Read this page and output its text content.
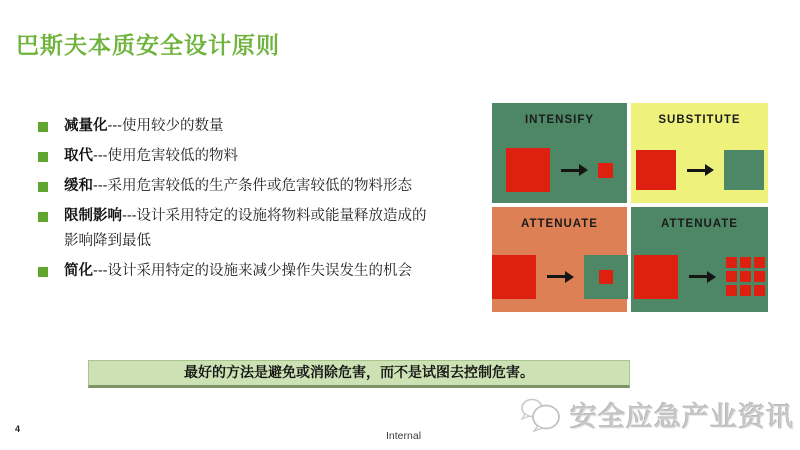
巴斯夫本质安全设计原则
减量化---使用较少的数量
取代---使用危害较低的物料
缓和---采用危害较低的生产条件或危害较低的物料形态
限制影响---设计采用特定的设施将物料或能量释放造成的影响降到最低
简化---设计采用特定的设施来减少操作失误发生的机会
INTENSIFY	SUBSTITUTE
ATTENUATE	ATTENUATE
最好的方法是避免或消除危害，而不是试图去控制危害。
4
Internal
安全应急产业资讯
